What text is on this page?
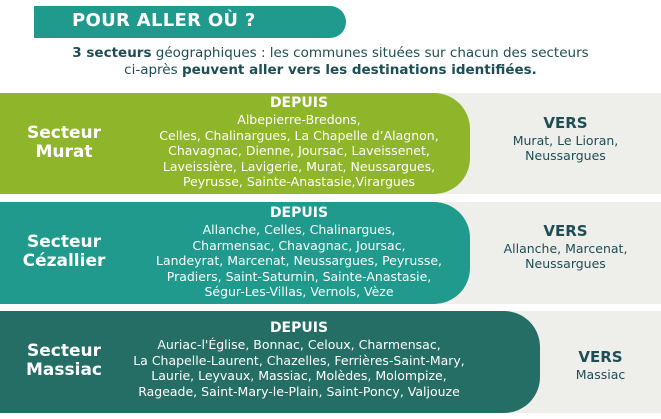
POUR ALLER OÙ ?
3 secteurs géographiques : les communes situées sur chacun des secteurs
ci-après peuvent aller vers les destinations identifiées.
Secteur
Murat
DEPUIS
Albepierre-Bredons,
Celles, Chalinargues, La Chapelle d’Alagnon,
Chavagnac, Dienne, Joursac, Laveissenet,
Laveissière, Lavigerie, Murat, Neussargues,
Peyrusse, Sainte-Anastasie,Virargues
VERS
Murat, Le Lioran,
Neussargues
Secteur
Cézallier
DEPUIS
Allanche, Celles, Chalinargues,
Charmensac, Chavagnac, Joursac,
Landeyrat, Marcenat, Neussargues, Peyrusse,
Pradiers, Saint-Saturnin, Sainte-Anastasie,
Ségur-Les-Villas, Vernols, Vèze
VERS
Allanche, Marcenat,
Neussargues
Secteur
Massiac
DEPUIS
Auriac-l'Église, Bonnac, Celoux, Charmensac,
La Chapelle-Laurent, Chazelles, Ferrières-Saint-Mary,
Laurie, Leyvaux, Massiac, Molèdes, Molompize,
Rageade, Saint-Mary-le-Plain, Saint-Poncy, Valjouze
VERS
Massiac
